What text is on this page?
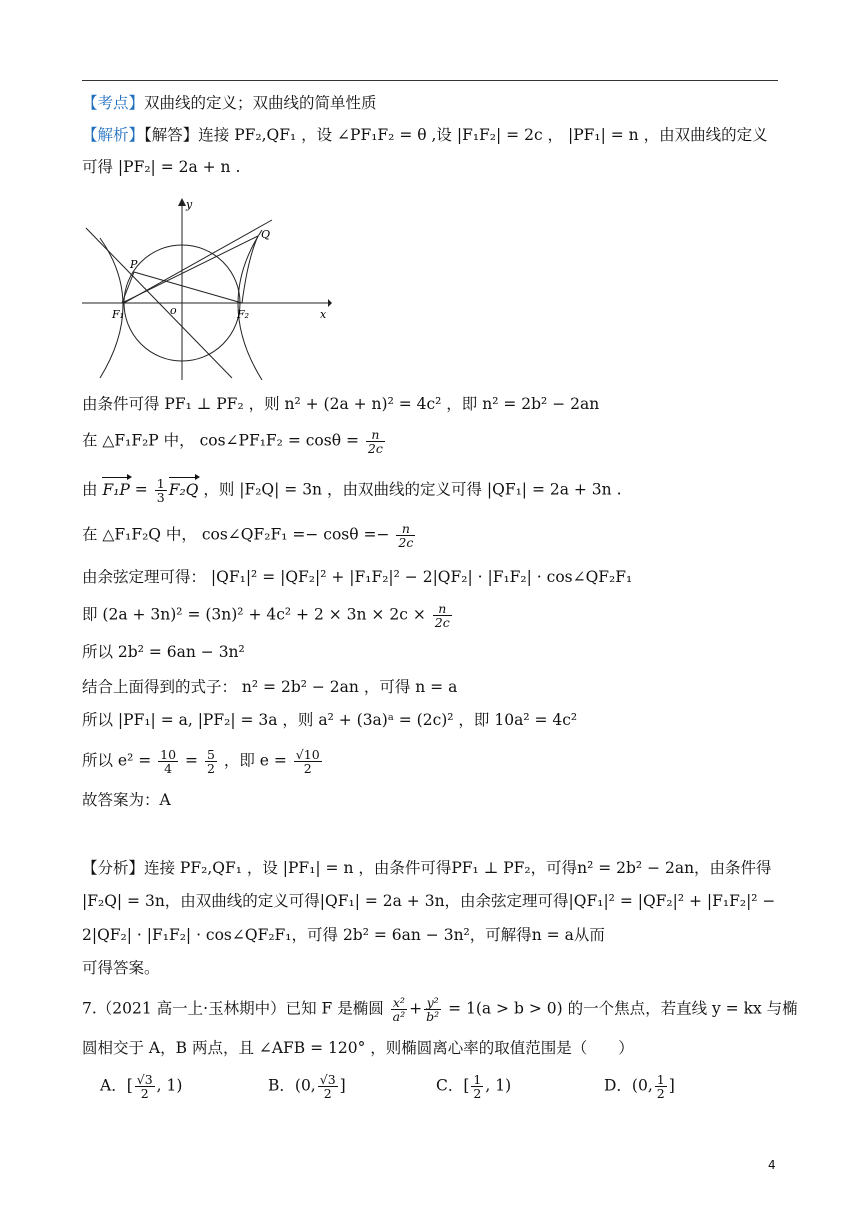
【考点】双曲线的定义；双曲线的简单性质
【解析】【解答】连接 PF₂,QF₁ ，设 ∠PF₁F₂ = θ ,设 |F₁F₂| = 2c ， |PF₁| = n ，由双曲线的定义
可得 |PF₂| = 2a + n .
y
x
o
P
Q
F₁	F₂
由条件可得 PF₁ ⊥ PF₂ ，则 n² + (2a + n)² = 4c² ，即 n² = 2b² − 2an
在 △F₁F₂P 中， cos∠PF₁F₂ = $\cos\theta = \frac{n}{2c}$
由 $F_1P = \frac{1}{3} F_2Q$ ，则 |F₂Q| = 3n ，由双曲线的定义可得 |QF₁| = 2a + 3n .
在 △F₁F₂Q 中， cos∠QF₂F₁ =− $\cos\theta =- \frac{n}{2c}$
由余弦定理可得： |QF₁|² = |QF₂|² + |F₁F₂|² − 2|QF₂| · |F₁F₂| · cos∠QF₂F₁
即 $(2a + 3n)^2 = (3n)^2 + 4c^2 + 2 \times 3n \times 2c \times \frac{n}{2c}$
所以 2b² = 6an − 3n²
结合上面得到的式子： n² = 2b² − 2an ，可得 n = a
所以 |PF₁| = a, |PF₂| = 3a ，则 a² + (3a)ᵃ = (2c)² ，即 10a² = 4c²
所以 $e^2 = \frac{10}{4} = \frac{5}{2}$ ，即 $e = \frac{√10}{2}$
故答案为：A
【分析】连接 PF₂,QF₁ ，设 |PF₁| = n ，由条件可得PF₁ ⊥ PF₂，可得n² = 2b² − 2an，由条件得
|F₂Q| = 3n，由双曲线的定义可得|QF₁| = 2a + 3n，由余弦定理可得|QF₁|² = |QF₂|² + |F₁F₂|² −
2|QF₂| · |F₁F₂| · cos∠QF₂F₁，可得 2b² = 6an − 3n²，可解得n = a从而
可得答案。
7.（2021 高一上·玉林期中）已知 F 是椭圆 $\frac{\text{x²}}{\text{a²}} + \frac{\text{y²}}{\text{b²}} = 1(a > b > 0)$ 的一个焦点，若直线 y = kx 与椭
圆相交于 A，B 两点，且 ∠AFB = 120° ，则椭圆离心率的取值范围是（　　）
A．[ $\frac{√3}{2}$ , 1)	B．(0, $\frac{√3}{2}$ ]	C．[ $\frac{1}{2}$ , 1)	D．(0, $\frac{1}{2}$ ]
4
